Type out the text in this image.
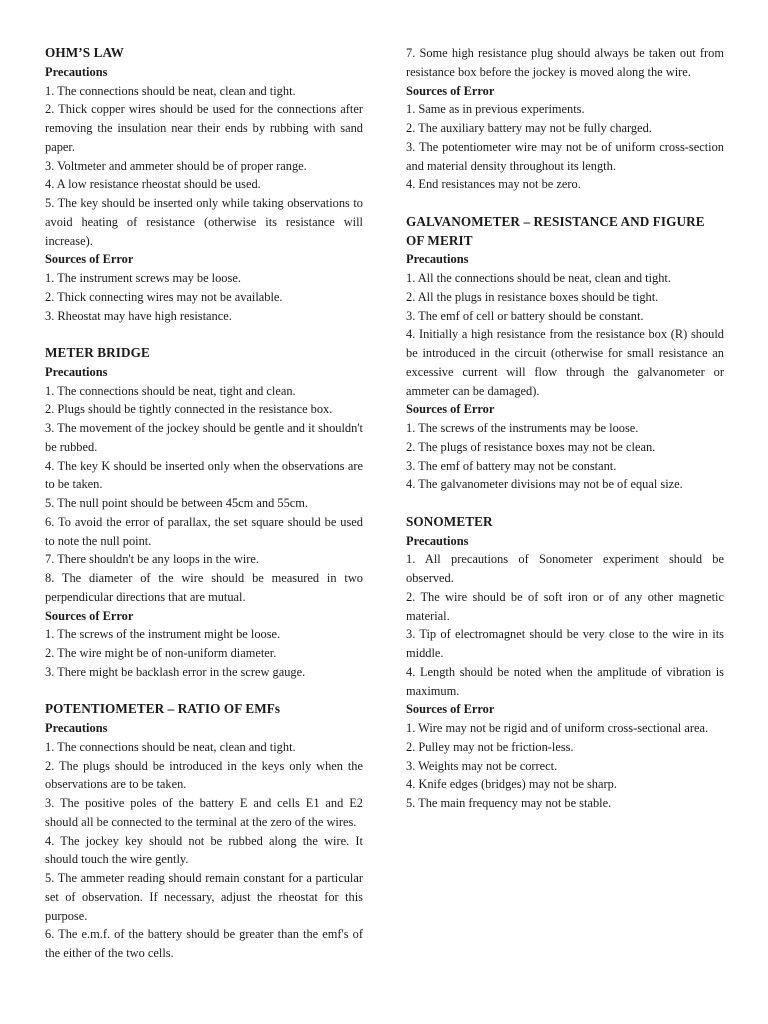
OHM’S LAW
Precautions
1. The connections should be neat, clean and tight.
2. Thick copper wires should be used for the connections after removing the insulation near their ends by rubbing with sand paper.
3. Voltmeter and ammeter should be of proper range.
4. A low resistance rheostat should be used.
5. The key should be inserted only while taking observations to avoid heating of resistance (otherwise its resistance will increase).
Sources of Error
1. The instrument screws may be loose.
2. Thick connecting wires may not be available.
3. Rheostat may have high resistance.
METER BRIDGE
Precautions
1. The connections should be neat, tight and clean.
2. Plugs should be tightly connected in the resistance box.
3. The movement of the jockey should be gentle and it shouldn't be rubbed.
4. The key K should be inserted only when the observations are to be taken.
5. The null point should be between 45cm and 55cm.
6. To avoid the error of parallax, the set square should be used to note the null point.
7. There shouldn't be any loops in the wire.
8. The diameter of the wire should be measured in two perpendicular directions that are mutual.
Sources of Error
1. The screws of the instrument might be loose.
2. The wire might be of non-uniform diameter.
3. There might be backlash error in the screw gauge.
POTENTIOMETER – RATIO OF EMFs
Precautions
1. The connections should be neat, clean and tight.
2. The plugs should be introduced in the keys only when the observations are to be taken.
3. The positive poles of the battery E and cells E1 and E2 should all be connected to the terminal at the zero of the wires.
4. The jockey key should not be rubbed along the wire. It should touch the wire gently.
5. The ammeter reading should remain constant for a particular set of observation. If necessary, adjust the rheostat for this purpose.
6. The e.m.f. of the battery should be greater than the emf's of the either of the two cells.
7. Some high resistance plug should always be taken out from resistance box before the jockey is moved along the wire.
Sources of Error
1. Same as in previous experiments.
2. The auxiliary battery may not be fully charged.
3. The potentiometer wire may not be of uniform cross-section and material density throughout its length.
4. End resistances may not be zero.
GALVANOMETER – RESISTANCE AND FIGURE OF MERIT
Precautions
1. All the connections should be neat, clean and tight.
2. All the plugs in resistance boxes should be tight.
3. The emf of cell or battery should be constant.
4. Initially a high resistance from the resistance box (R) should be introduced in the circuit (otherwise for small resistance an excessive current will flow through the galvanometer or ammeter can be damaged).
Sources of Error
1. The screws of the instruments may be loose.
2. The plugs of resistance boxes may not be clean.
3. The emf of battery may not be constant.
4. The galvanometer divisions may not be of equal size.
SONOMETER
Precautions
1. All precautions of Sonometer experiment should be observed.
2. The wire should be of soft iron or of any other magnetic material.
3. Tip of electromagnet should be very close to the wire in its middle.
4. Length should be noted when the amplitude of vibration is maximum.
Sources of Error
1. Wire may not be rigid and of uniform cross-sectional area.
2. Pulley may not be friction-less.
3. Weights may not be correct.
4. Knife edges (bridges) may not be sharp.
5. The main frequency may not be stable.
